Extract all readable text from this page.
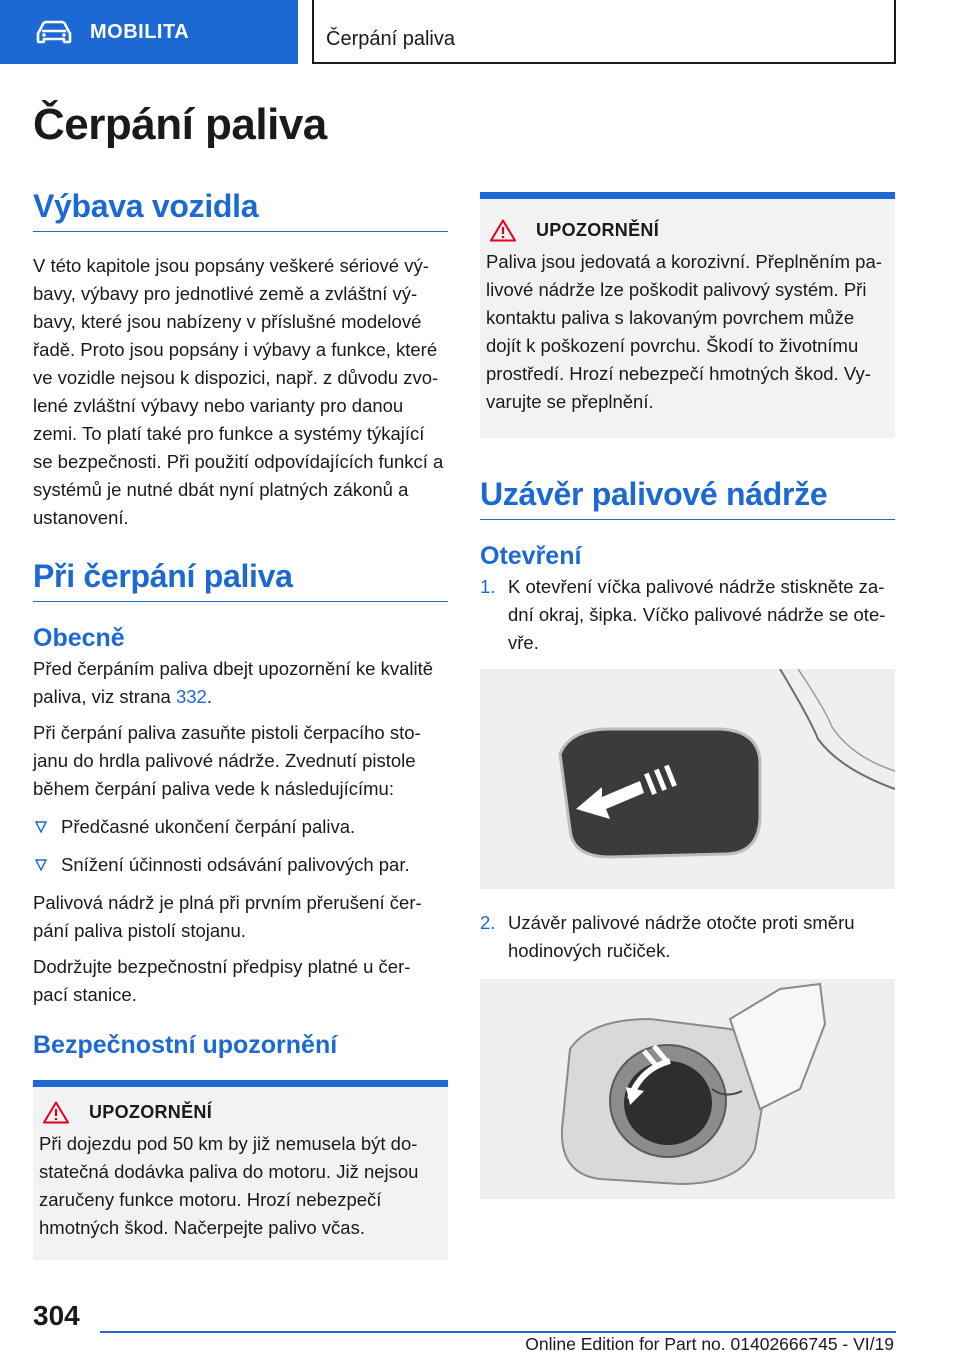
MOBILITA	Čerpání paliva
Čerpání paliva
Výbava vozidla
V této kapitole jsou popsány veškeré sériové vý-
bavy, výbavy pro jednotlivé země a zvláštní vý-
bavy, které jsou nabízeny v příslušné modelové
řadě. Proto jsou popsány i výbavy a funkce, které
ve vozidle nejsou k dispozici, např. z důvodu zvo-
lené zvláštní výbavy nebo varianty pro danou
zemi. To platí také pro funkce a systémy týkající
se bezpečnosti. Při použití odpovídajících funkcí a
systémů je nutné dbát nyní platných zákonů a
ustanovení.
Při čerpání paliva
Obecně
Před čerpáním paliva dbejt upozornění ke kvalitě
paliva, viz strana 332.
Při čerpání paliva zasuňte pistoli čerpacího sto-
janu do hrdla palivové nádrže. Zvednutí pistole
během čerpání paliva vede k následujícímu:
Předčasné ukončení čerpání paliva.
Snížení účinnosti odsávání palivových par.
Palivová nádrž je plná při prvním přerušení čer-
pání paliva pistolí stojanu.
Dodržujte bezpečnostní předpisy platné u čer-
pací stanice.
Bezpečnostní upozornění
UPOZORNĚNÍ
Při dojezdu pod 50 km by již nemusela být do-
statečná dodávka paliva do motoru. Již nejsou
zaručeny funkce motoru. Hrozí nebezpečí
hmotných škod. Načerpejte palivo včas.
UPOZORNĚNÍ
Paliva jsou jedovatá a korozivní. Přeplněním pa-
livové nádrže lze poškodit palivový systém. Při
kontaktu paliva s lakovaným povrchem může
dojít k poškození povrchu. Škodí to životnímu
prostředí. Hrozí nebezpečí hmotných škod. Vy-
varujte se přeplnění.
Uzávěr palivové nádrže
Otevření
1. K otevření víčka palivové nádrže stiskněte za-
dní okraj, šipka. Víčko palivové nádrže se ote-
vře.
2. Uzávěr palivové nádrže otočte proti směru
hodinových ručiček.
304
Online Edition for Part no. 01402666745 - VI/19
